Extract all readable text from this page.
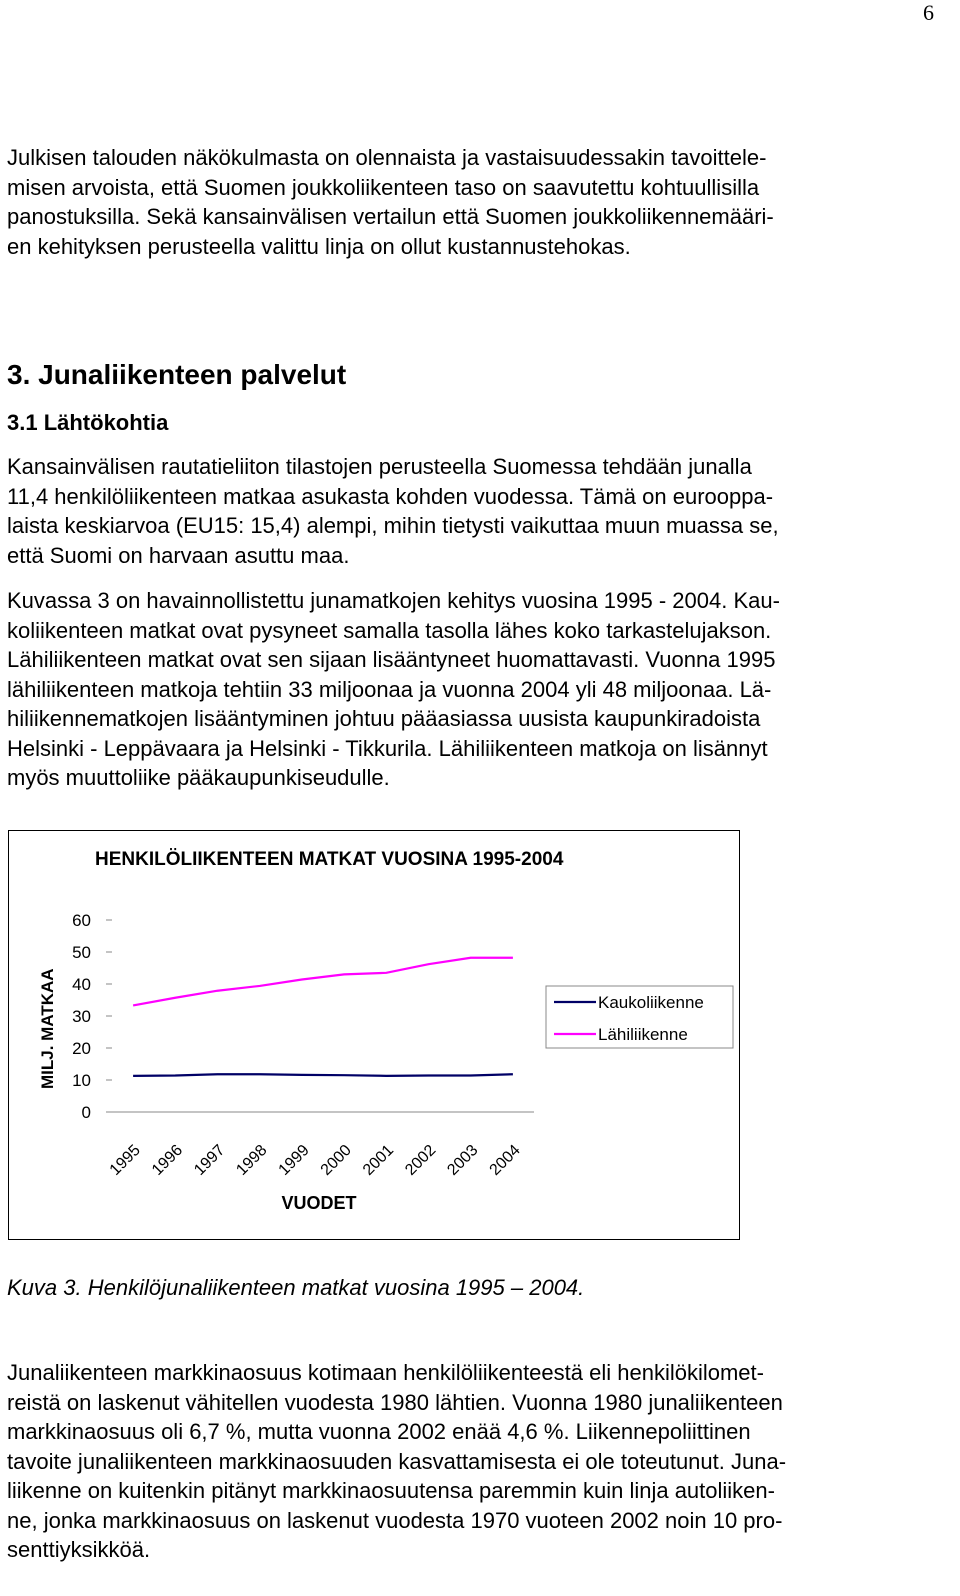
6
Julkisen talouden näkökulmasta on olennaista ja vastaisuudessakin tavoittele-
misen arvoista, että Suomen joukkoliikenteen taso on saavutettu kohtuullisilla
panostuksilla. Sekä kansainvälisen vertailun että Suomen joukkoliikennemääri-
en kehityksen perusteella valittu linja on ollut kustannustehokas.
3. Junaliikenteen palvelut
3.1 Lähtökohtia
Kansainvälisen rautatieliiton tilastojen perusteella Suomessa tehdään junalla
11,4 henkilöliikenteen matkaa asukasta kohden vuodessa. Tämä on eurooppa-
laista keskiarvoa (EU15: 15,4) alempi, mihin tietysti vaikuttaa muun muassa se,
että Suomi on harvaan asuttu maa.
Kuvassa 3 on havainnollistettu junamatkojen kehitys vuosina 1995 - 2004. Kau-
koliikenteen matkat ovat pysyneet samalla tasolla lähes koko tarkastelujakson.
Lähiliikenteen matkat ovat sen sijaan lisääntyneet huomattavasti. Vuonna 1995
lähiliikenteen matkoja tehtiin 33 miljoonaa ja vuonna 2004 yli 48 miljoonaa. Lä-
hiliikennematkojen lisääntyminen johtuu pääasiassa uusista kaupunkiradoista
Helsinki - Leppävaara ja Helsinki - Tikkurila. Lähiliikenteen matkoja on lisännyt
myös muuttoliike pääkaupunkiseudulle.
HENKILÖLIIKENTEEN MATKAT VUOSINA 1995-2004
MILJ. MATKAA
0
10
20
30
40
50
60
1995 1996 1997 1998 1999 2000 2001 2002 2003 2004
VUODET
Kaukoliikenne
Lähiliikenne
Kuva 3. Henkilöjunaliikenteen matkat vuosina 1995 – 2004.
Junaliikenteen markkinaosuus kotimaan henkilöliikenteestä eli henkilökilomet-
reistä on laskenut vähitellen vuodesta 1980 lähtien. Vuonna 1980 junaliikenteen
markkinaosuus oli 6,7 %, mutta vuonna 2002 enää 4,6 %. Liikennepoliittinen
tavoite junaliikenteen markkinaosuuden kasvattamisesta ei ole toteutunut. Juna-
liikenne on kuitenkin pitänyt markkinaosuutensa paremmin kuin linja autoliiken-
ne, jonka markkinaosuus on laskenut vuodesta 1970 vuoteen 2002 noin 10 pro-
senttiyksikköä.
